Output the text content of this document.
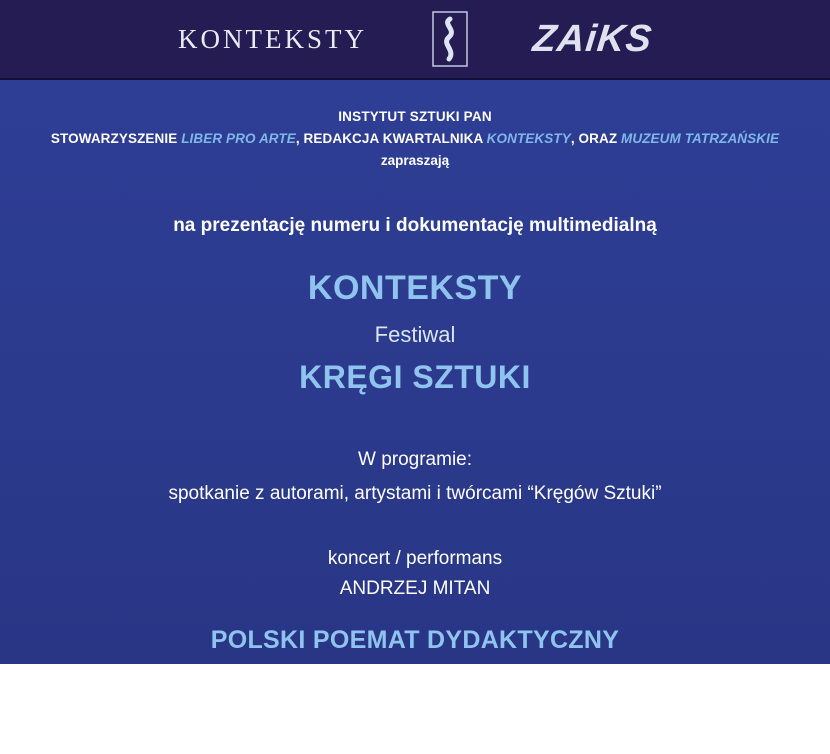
KONTEKSTY	ZAiKS
INSTYTUT SZTUKI PAN
STOWARZYSZENIE LIBER PRO ARTE, REDAKCJA KWARTALNIKA KONTEKSTY, ORAZ MUZEUM TATRZAŃSKIE
zapraszają
na prezentację numeru i dokumentację multimedialną
KONTEKSTY
Festiwal
KRĘGI SZTUKI
W programie:
spotkanie z autorami, artystami i twórcami “Kręgów Sztuki”
koncert / performans
ANDRZEJ MITAN
POLSKI POEMAT DYDAKTYCZNY
10 grudnia, 2015, godz.18.00, Zakopane
Muzeum Tatrzańskie, Galeria Władysława Hasiora, ul. Jagiellońska 18 b
